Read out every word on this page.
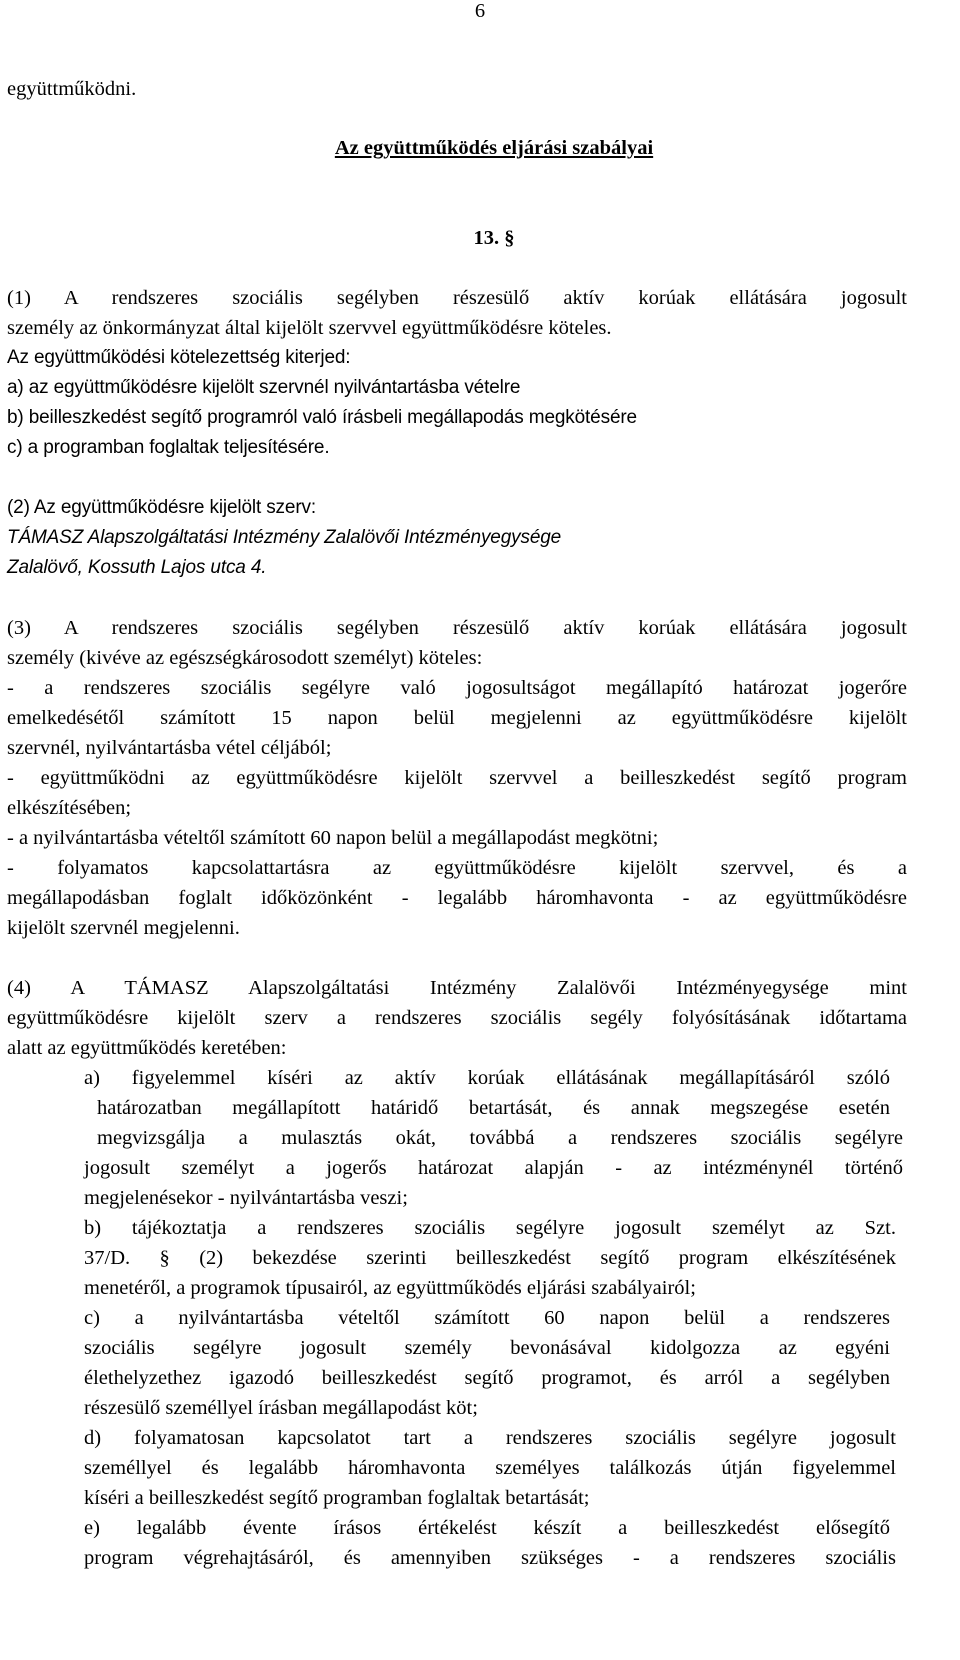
6
együttműködni.
Az együttműködés eljárási szabályai
13. §
(1) A rendszeres szociális segélyben részesülő aktív korúak ellátására jogosult
személy az önkormányzat által kijelölt szervvel együttműködésre köteles.
Az együttműködési kötelezettség kiterjed:
a) az együttműködésre kijelölt szervnél nyilvántartásba vételre
b) beilleszkedést segítő programról való írásbeli megállapodás megkötésére
c) a programban foglaltak teljesítésére.
(2) Az együttműködésre kijelölt szerv:
TÁMASZ Alapszolgáltatási Intézmény Zalalövői Intézményegysége
Zalalövő, Kossuth Lajos utca 4.
(3) A rendszeres szociális segélyben részesülő aktív korúak ellátására jogosult
személy (kivéve az egészségkárosodott személyt) köteles:
- a rendszeres szociális segélyre való jogosultságot megállapító határozat jogerőre
emelkedésétől számított 15 napon belül megjelenni az együttműködésre kijelölt
szervnél, nyilvántartásba vétel céljából;
- együttműködni az együttműködésre kijelölt szervvel a beilleszkedést segítő program
elkészítésében;
- a nyilvántartásba vételtől számított 60 napon belül a megállapodást megkötni;
- folyamatos kapcsolattartásra az együttműködésre kijelölt szervvel, és a
megállapodásban foglalt időközönként - legalább háromhavonta - az együttműködésre
kijelölt szervnél megjelenni.
(4) A TÁMASZ Alapszolgáltatási Intézmény Zalalövői Intézményegysége mint
együttműködésre kijelölt szerv a rendszeres szociális segély folyósításának időtartama
alatt az együttműködés keretében:
a) figyelemmel kíséri az aktív korúak ellátásának megállapításáról szóló
határozatban megállapított határidő betartását, és annak megszegése esetén
megvizsgálja a mulasztás okát, továbbá a rendszeres szociális segélyre
jogosult személyt a jogerős határozat alapján - az intézménynél történő
megjelenésekor - nyilvántartásba veszi;
b) tájékoztatja a rendszeres szociális segélyre jogosult személyt az Szt.
37/D. § (2) bekezdése szerinti beilleszkedést segítő program elkészítésének
menetéről, a programok típusairól, az együttműködés eljárási szabályairól;
c) a nyilvántartásba vételtől számított 60 napon belül a rendszeres
szociális segélyre jogosult személy bevonásával kidolgozza az egyéni
élethelyzethez igazodó beilleszkedést segítő programot, és arról a segélyben
részesülő személlyel írásban megállapodást köt;
d) folyamatosan kapcsolatot tart a rendszeres szociális segélyre jogosult
személlyel és legalább háromhavonta személyes találkozás útján figyelemmel
kíséri a beilleszkedést segítő programban foglaltak betartását;
e) legalább évente írásos értékelést készít a beilleszkedést elősegítő
program végrehajtásáról, és amennyiben szükséges - a rendszeres szociális
